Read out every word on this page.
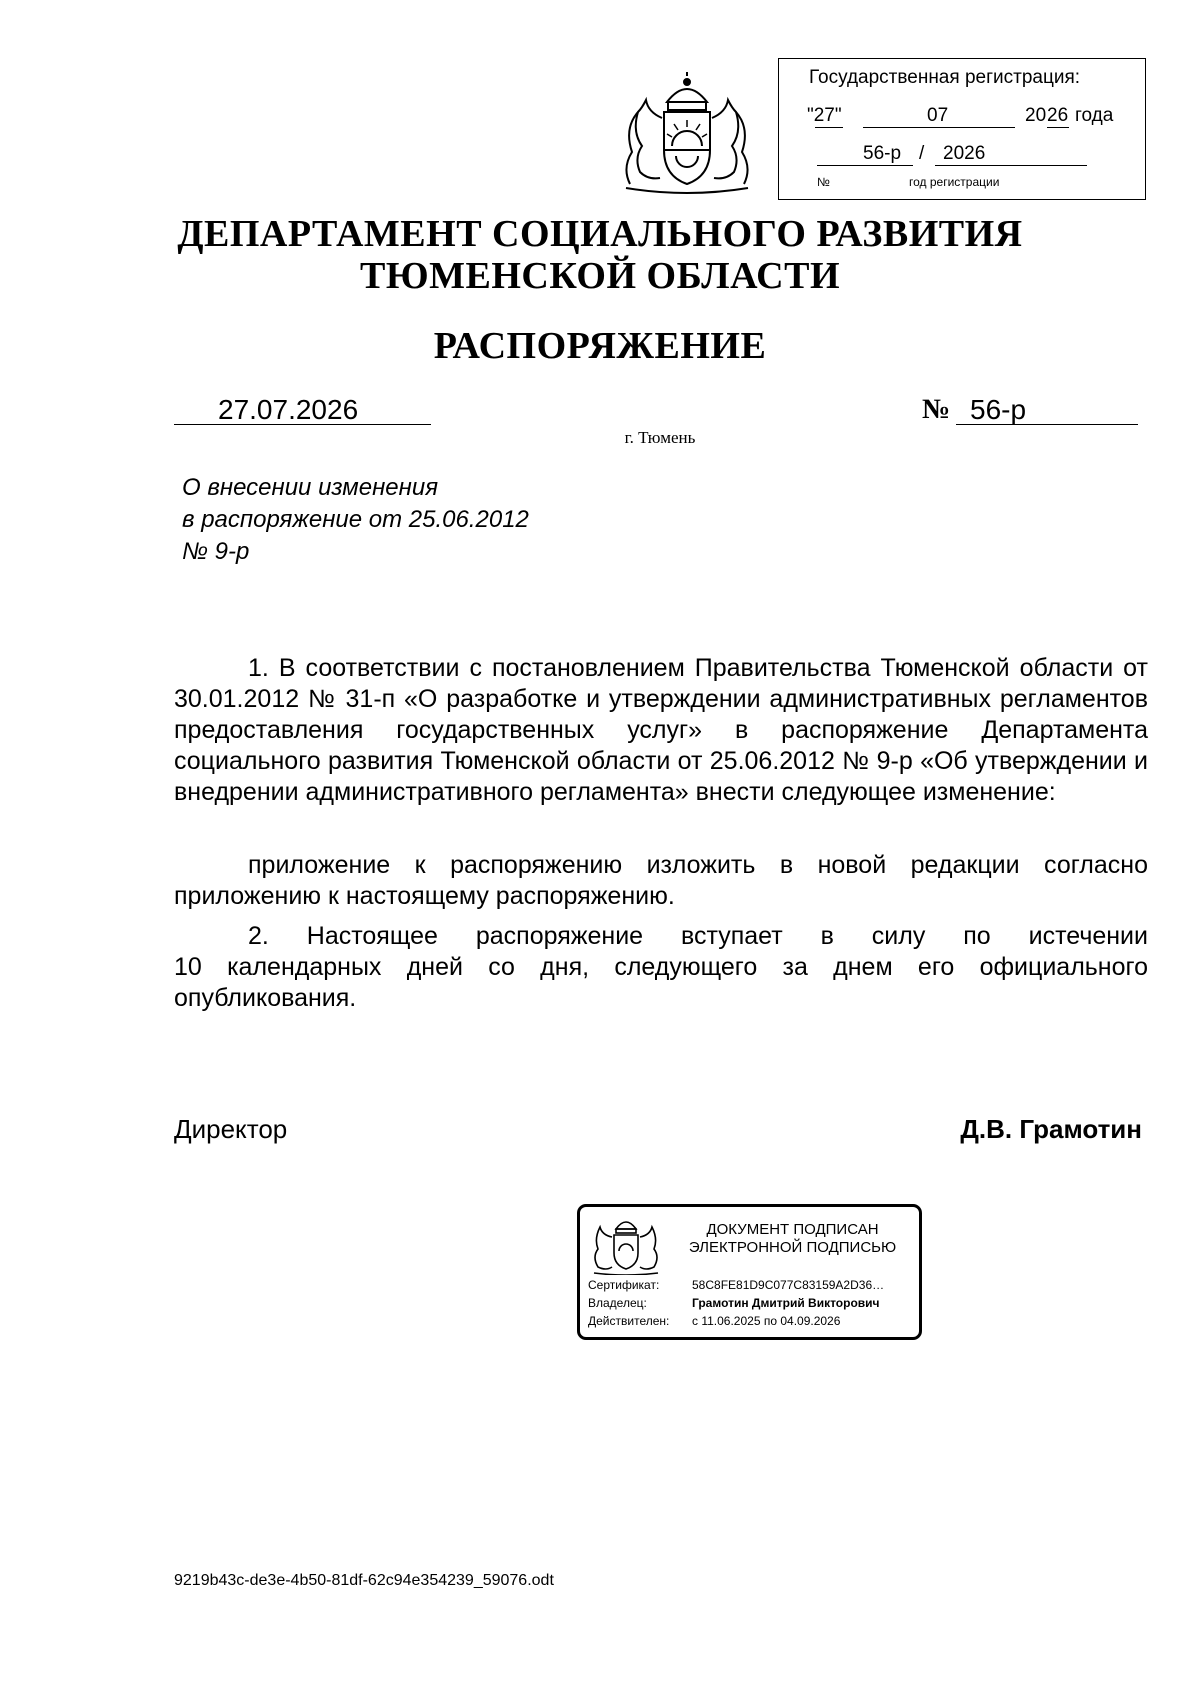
Государственная регистрация:
"27"	07	20 26 года
56-р / 2026
№	год регистрации
ДЕПАРТАМЕНТ СОЦИАЛЬНОГО РАЗВИТИЯ
ТЮМЕНСКОЙ ОБЛАСТИ
РАСПОРЯЖЕНИЕ
27.07.2026	№ 56-р
г. Тюмень
О внесении изменения
в распоряжение от 25.06.2012
№ 9-р

1. В соответствии с постановлением Правительства Тюменской области от 30.01.2012 № 31-п «О разработке и утверждении административных регламентов предоставления государственных услуг» в распоряжение Департамента социального развития Тюменской области от 25.06.2012 № 9-р «Об утверждении и внедрении административного регламента» внести следующее изменение:

приложение к распоряжению изложить в новой редакции согласно приложению к настоящему распоряжению.

2. Настоящее распоряжение вступает в силу по истечении

10 календарных дней со дня, следующего за днем его официального опубликования.

Директор	Д.В. Грамотин
ДОКУМЕНТ ПОДПИСАН
ЭЛЕКТРОННОЙ ПОДПИСЬЮ
Сертификат:	58C8FE81D9C077C83159A2D36…
Владелец:	Грамотин Дмитрий Викторович
Действителен: с 11.06.2025 по 04.09.2026
9219b43c-de3e-4b50-81df-62c94e354239_59076.odt
